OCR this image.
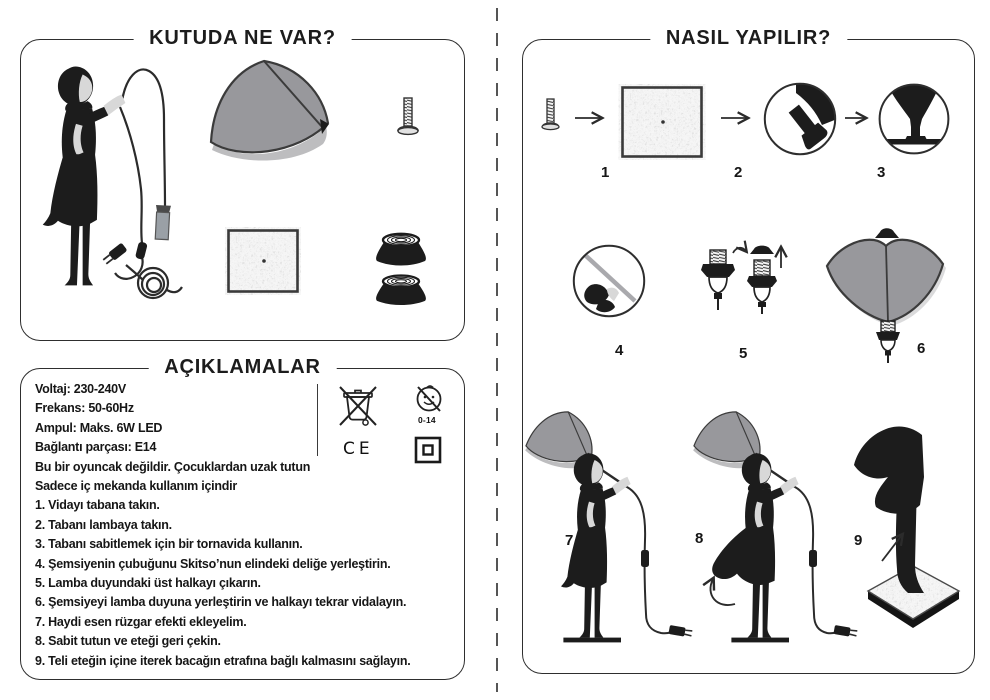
KUTUDA NE VAR?
AÇIKLAMALAR

Voltaj: 230-240V

Frekans: 50-60Hz

Ampul: Maks. 6W LED

Bağlantı parçası: E14

Bu bir oyuncak değildir. Çocuklardan uzak tutun

Sadece iç mekanda kullanım içindir

1. Vidayı tabana takın.

2. Tabanı lambaya takın.

3. Tabanı sabitlemek için bir tornavida kullanın.

4. Şemsiyenin çubuğunu Skitso’nun elindeki deliğe yerleştirin.

5. Lamba duyundaki üst halkayı çıkarın.

6. Şemsiyeyi lamba duyuna yerleştirin ve halkayı tekrar vidalayın.

7. Haydi esen rüzgar efekti ekleyelim.

8. Sabit tutun ve eteği geri çekin.

9. Teli eteğin içine iterek bacağın etrafına bağlı kalmasını sağlayın.

0-14
CE
NASIL YAPILIR?
1	2	3
4	5	6
7	8	9
